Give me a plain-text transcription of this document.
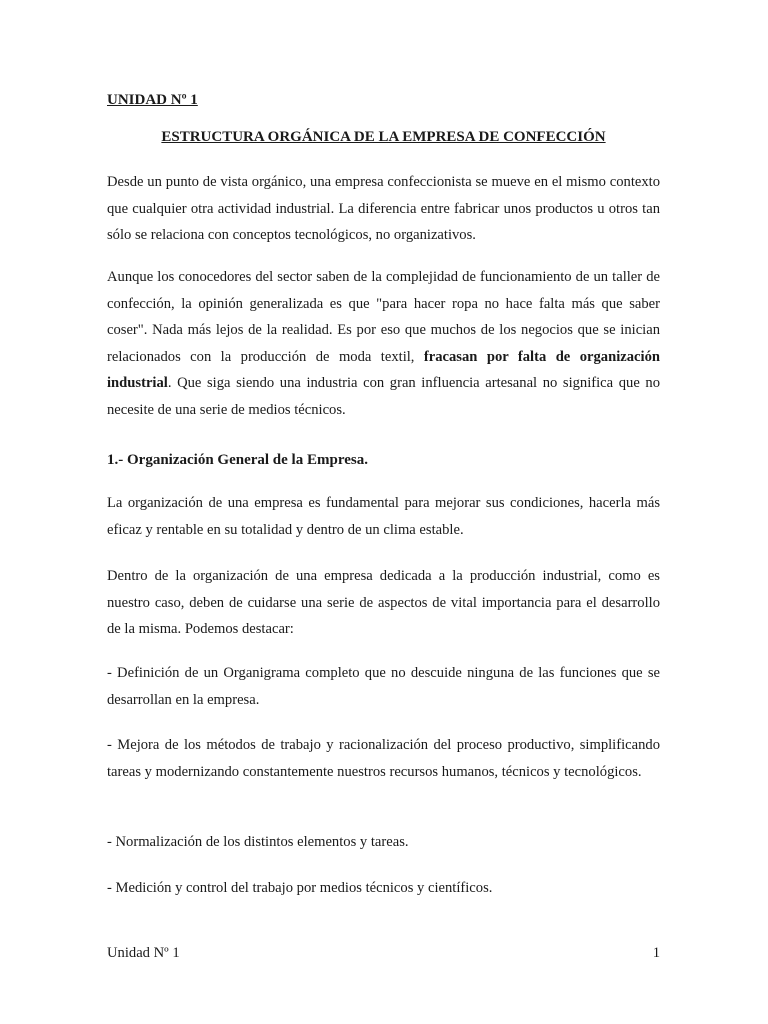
UNIDAD Nº 1
ESTRUCTURA ORGÁNICA DE LA EMPRESA DE CONFECCIÓN

Desde un punto de vista orgánico, una empresa confeccionista se mueve en el mismo contexto que cualquier otra actividad industrial. La diferencia entre fabricar unos productos u otros tan sólo se relaciona con conceptos tecnológicos, no organizativos.

Aunque los conocedores del sector saben de la complejidad de funcionamiento de un taller de confección, la opinión generalizada es que "para hacer ropa no hace falta más que saber coser". Nada más lejos de la realidad. Es por eso que muchos de los negocios que se inician relacionados con la producción de moda textil, fracasan por falta de organización industrial. Que siga siendo una industria con gran influencia artesanal no significa que no necesite de una serie de medios técnicos.

1.- Organización General de la Empresa.

La organización de una empresa es fundamental para mejorar sus condiciones, hacerla más eficaz y rentable en su totalidad y dentro de un clima estable.

Dentro de la organización de una empresa dedicada a la producción industrial, como es nuestro caso, deben de cuidarse una serie de aspectos de vital importancia para el desarrollo de la misma. Podemos destacar:

- Definición de un Organigrama completo que no descuide ninguna de las funciones que se desarrollan en la empresa.

- Mejora de los métodos de trabajo y racionalización del proceso productivo, simplificando tareas y modernizando constantemente nuestros recursos humanos, técnicos y tecnológicos.

- Normalización de los distintos elementos y tareas.

- Medición y control del trabajo por medios técnicos y científicos.

Unidad Nº 1	1
